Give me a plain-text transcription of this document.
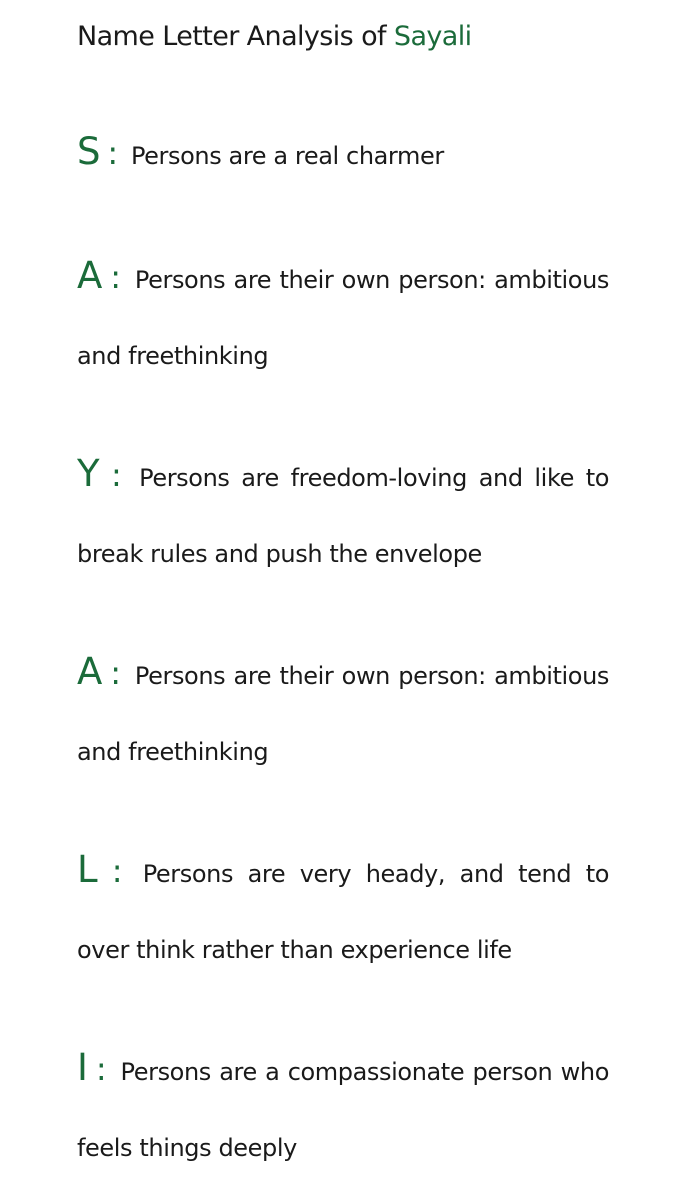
Name Letter Analysis of Sayali
S : Persons are a real charmer
A : Persons are their own person: ambitious and freethinking
Y : Persons are freedom-loving and like to break rules and push the envelope
A : Persons are their own person: ambitious and freethinking
L : Persons are very heady, and tend to over think rather than experience life
I : Persons are a compassionate person who feels things deeply
